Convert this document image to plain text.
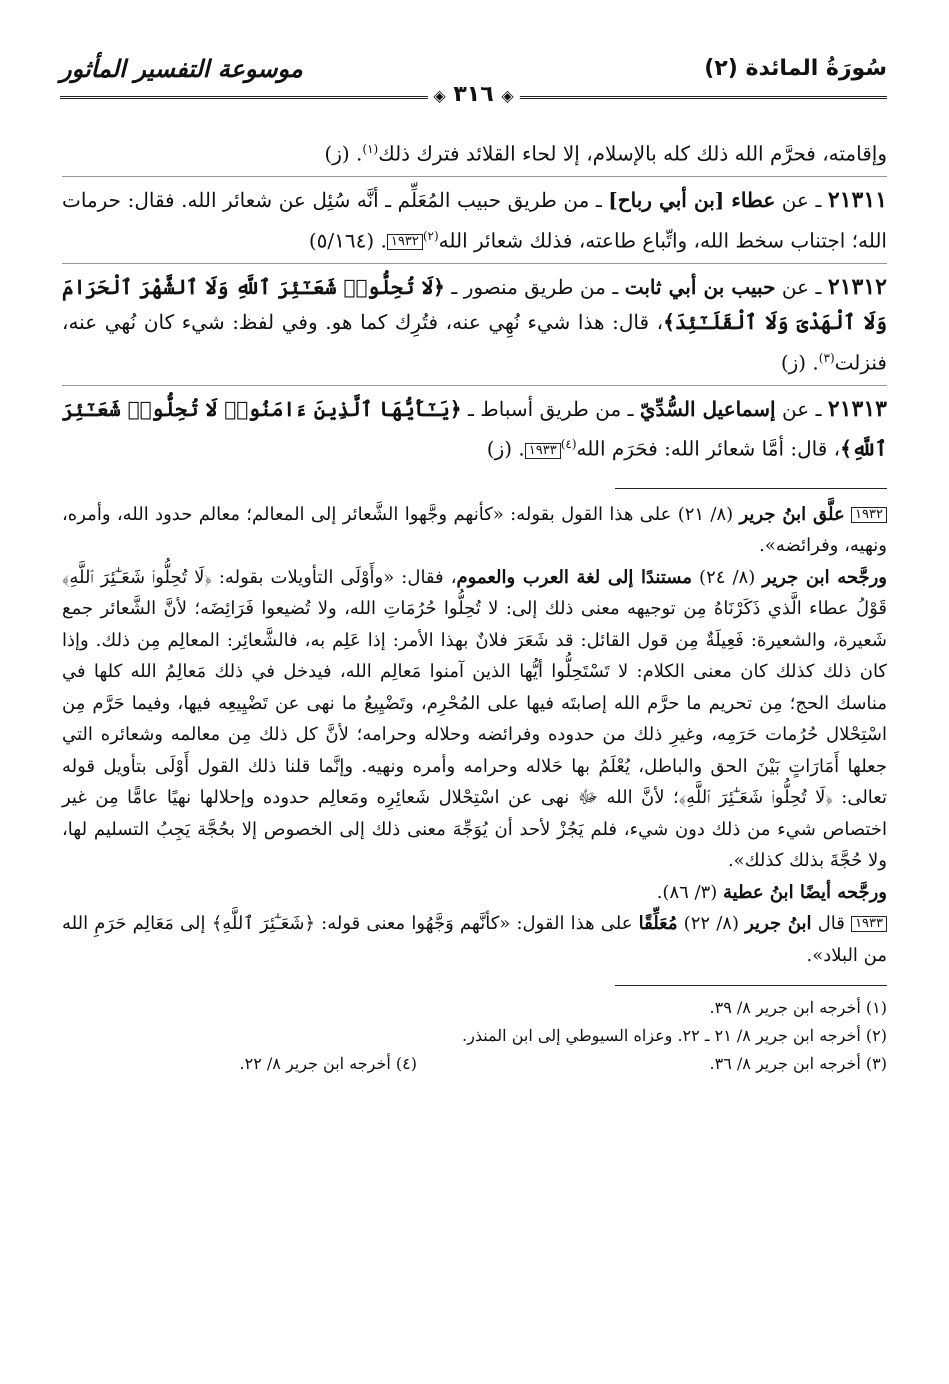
سُورَةُ المائدة (٢)
موسوعة التفسير المأثور
◈ ٣١٦ ◈

وإقامته، فحرَّم الله ذلك كله بالإسلام، إلا لحاء القلائد فترك ذلك$^{(١)}$. (ز)

٢١٣١١ ـ عن عطاء [بن أبي رباح] ـ من طريق حبيب المُعَلِّم ـ أنَّه سُئِل عن شعائر الله. فقال: حرمات الله؛ اجتناب سخط الله، واتِّباع طاعته، فذلك شعائر الله$^{(٢)}$١٩٣٢. (٥/١٦٤)

٢١٣١٢ ـ عن حبيب بن أبي ثابت ـ من طريق منصور ـ ﴿لَا تُحِلُّوا۟ شَعَـٰٓئِرَ ٱللَّهِ وَلَا ٱلشَّهْرَ ٱلْحَرَامَ وَلَا ٱلْهَدْىَ وَلَا ٱلْقَلَـٰٓئِدَ﴾، قال: هذا شيء نُهِي عنه، فتُرِك كما هو. وفي لفظ: شيء كان نُهي عنه، فنزلت$^{(٣)}$. (ز)

٢١٣١٣ ـ عن إسماعيل السُّدِّيّ ـ من طريق أسباط ـ ﴿يَـٰٓأَيُّهَا ٱلَّذِينَ ءَامَنُوا۟ لَا تُحِلُّوا۟ شَعَـٰٓئِرَ ٱللَّهِ﴾، قال: أمَّا شعائر الله: فحَرَم الله$^{(٤)}$١٩٣٣. (ز)

١٩٣٢ علَّق ابنُ جرير (٨/ ٢١) على هذا القول بقوله: «كأنهم وجَّهوا الشَّعائر إلى المعالم؛ معالم حدود الله، وأمره، ونهيه، وفرائضه».

ورجَّحه ابن جرير (٨/ ٢٤) مستندًا إلى لغة العرب والعموم، فقال: «وأَوْلَى التأويلات بقوله: ﴿لَا تُحِلُّوا۟ شَعَـٰٓئِرَ ٱللَّهِ﴾ قَوْلُ عطاء الَّذي ذَكَرْنَاهُ مِن توجيهه معنى ذلك إلى: لا تُحِلُّوا حُرُمَاتِ الله، ولا تُضيعوا فَرَائِضَه؛ لأنَّ الشَّعائر جمع شَعيرة، والشعيرة: فَعِيلَةٌ مِن قول القائل: قد شَعَرَ فلانٌ بهذا الأمر: إذا عَلِم به، فالشَّعائِر: المعالِم مِن ذلك. وإذا كان ذلك كذلك كان معنى الكلام: لا تَسْتَحِلُّوا أيُّها الذين آمنوا مَعالِم الله، فيدخل في ذلك مَعالِمُ الله كلها في مناسك الحج؛ مِن تحريم ما حرَّم الله إصابتَه فيها على المُحْرِم، وتَضْيِيعُ ما نهى عن تَضْيِيعِه فيها، وفيما حَرَّم مِن اسْتِحْلال حُرُمات حَرَمِه، وغيرِ ذلك من حدوده وفرائضه وحلاله وحرامه؛ لأنَّ كل ذلك مِن معالمه وشعائره التي جعلها أَمَارَاتٍ بَيْنَ الحق والباطل، يُعْلَمُ بها حَلاله وحرامه وأمره ونهيه. وإنَّما قلنا ذلك القول أَوْلَى بتأويل قوله تعالى: ﴿لَا تُحِلُّوا۟ شَعَـٰٓئِرَ ٱللَّهِ﴾؛ لأنَّ الله ﷻ نهى عن اسْتِحْلال شَعائِرِه ومَعالِم حدوده وإحلالها نهيًا عامًّا مِن غير اختصاص شيء من ذلك دون شيء، فلم يَجُزْ لأحد أن يُوَجِّهَ معنى ذلك إلى الخصوص إلا بحُجَّة يَجِبُ التسليم لها، ولا حُجَّةَ بذلك كذلك».

ورجَّحه أيضًا ابنُ عطية (٣/ ٨٦).

١٩٣٣ قال ابنُ جرير (٨/ ٢٢) مُعَلِّقًا على هذا القول: «كأنَّهم وَجَّهُوا معنى قوله: ﴿شَعَـٰٓئِرَ ٱللَّهِ﴾ إلى مَعَالِم حَرَمِ الله من البلاد».

(١) أخرجه ابن جرير ٨/ ٣٩.

(٢) أخرجه ابن جرير ٨/ ٢١ ـ ٢٢. وعزاه السيوطي إلى ابن المنذر.

(٣) أخرجه ابن جرير ٨/ ٣٦.
(٤) أخرجه ابن جرير ٨/ ٢٢.
